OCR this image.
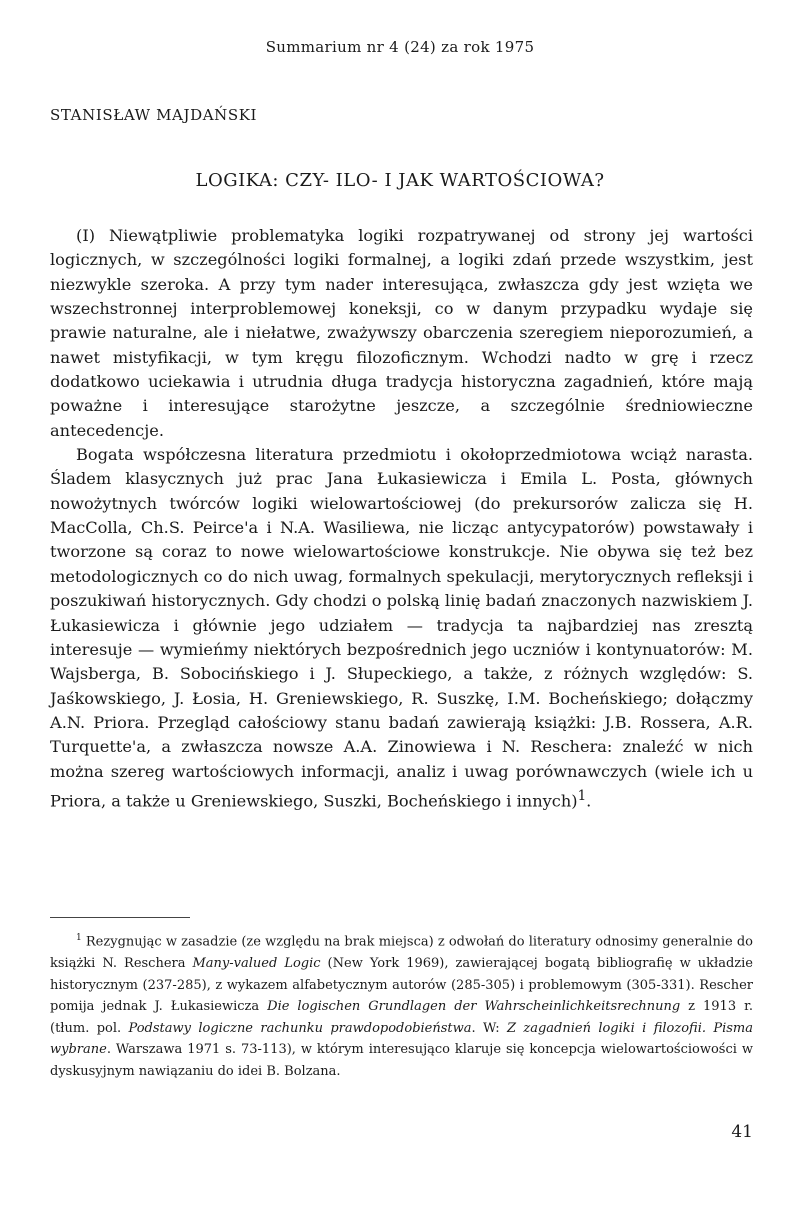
Summarium nr 4 (24) za rok 1975
STANISŁAW MAJDAŃSKI
LOGIKA: CZY- ILO- I JAK WARTOŚCIOWA?

(I) Niewątpliwie problematyka logiki rozpatrywanej od strony jej wartości logicznych, w szczególności logiki formalnej, a logiki zdań przede wszystkim, jest niezwykle szeroka. A przy tym nader interesująca, zwłaszcza gdy jest wzięta we wszechstronnej interproblemowej koneksji, co w danym przypadku wydaje się prawie naturalne, ale i niełatwe, zważywszy obarczenia szeregiem nieporozumień, a nawet mistyfikacji, w tym kręgu filozoficznym. Wchodzi nadto w grę i rzecz dodatkowo uciekawia i utrudnia długa tradycja historyczna zagadnień, które mają poważne i interesujące starożytne jeszcze, a szczególnie średniowieczne antecedencje.

Bogata współczesna literatura przedmiotu i okołoprzedmiotowa wciąż narasta. Śladem klasycznych już prac Jana Łukasiewicza i Emila L. Posta, głównych nowożytnych twórców logiki wielowartościowej (do prekursorów zalicza się H. MacColla, Ch.S. Peirce'a i N.A. Wasiliewa, nie licząc antycypatorów) powstawały i tworzone są coraz to nowe wielowartościowe konstrukcje. Nie obywa się też bez metodologicznych co do nich uwag, formalnych spekulacji, merytorycznych refleksji i poszukiwań historycznych. Gdy chodzi o polską linię badań znaczonych nazwiskiem J. Łukasiewicza i głównie jego udziałem — tradycja ta najbardziej nas zresztą interesuje — wymieńmy niektórych bezpośrednich jego uczniów i kontynuatorów: M. Wajsberga, B. Sobocińskiego i J. Słupeckiego, a także, z różnych względów: S. Jaśkowskiego, J. Łosia, H. Greniewskiego, R. Suszkę, I.M. Bocheńskiego; dołączmy A.N. Priora. Przegląd całościowy stanu badań zawierają książki: J.B. Rossera, A.R. Turquette'a, a zwłaszcza nowsze A.A. Zinowiewa i N. Reschera: znaleźć w nich można szereg wartościowych informacji, analiz i uwag porównawczych (wiele ich u Priora, a także u Greniewskiego, Suszki, Bocheńskiego i innych)$^1$.

$^1$ Rezygnując w zasadzie (ze względu na brak miejsca) z odwołań do literatury odnosimy generalnie do książki N. Reschera Many-valued Logic (New York 1969), zawierającej bogatą bibliografię w układzie historycznym (237-285), z wykazem alfabetycznym autorów (285-305) i problemowym (305-331). Rescher pomija jednak J. Łukasiewicza Die logischen Grundlagen der Wahrscheinlichkeitsrechnung z 1913 r. (tłum. pol. Podstawy logiczne rachunku prawdopodobieństwa. W: Z zagadnień logiki i filozofii. Pisma wybrane. Warszawa 1971 s. 73-113), w którym interesująco klaruje się koncepcja wielowartościowości w dyskusyjnym nawiązaniu do idei B. Bolzana.

41
